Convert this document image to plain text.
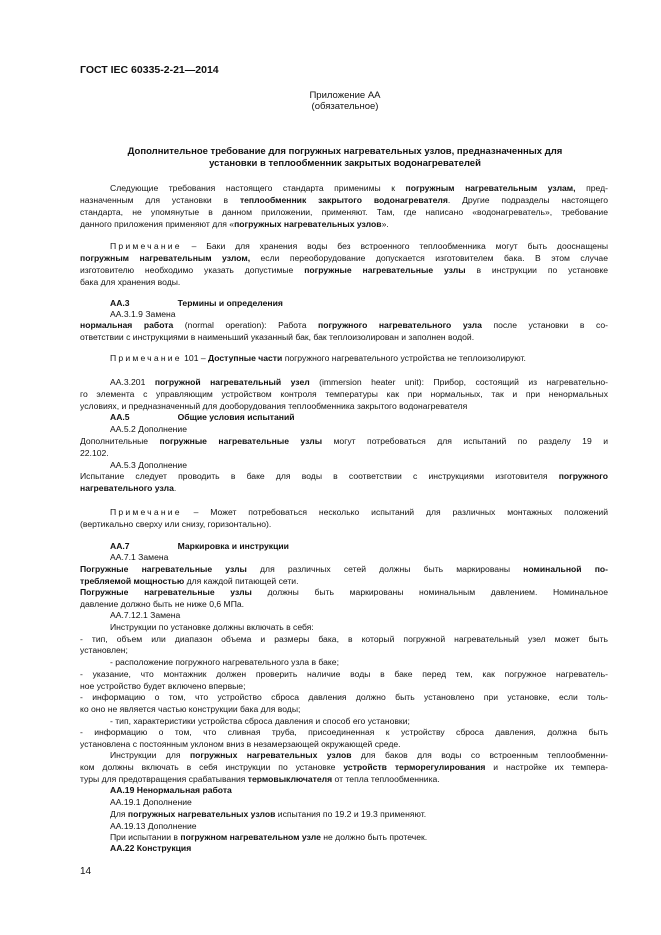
ГОСТ IEC 60335-2-21—2014
Приложение АА
(обязательное)
Дополнительное требование для погружных нагревательных узлов, предназначенных для
установки в теплообменник закрытых водонагревателей
Следующие требования настоящего стандарта применимы к погружным нагревательным узлам, пред-
назначенным для установки в теплообменник закрытого водонагревателя. Другие подразделы настоящего
стандарта, не упомянутые в данном приложении, применяют. Там, где написано «водонагреватель», требование
данного приложения применяют для «погружных нагревательных узлов».
Примечание – Баки для хранения воды без встроенного теплообменника могут быть дооснащены
погружным нагревательным узлом, если переоборудование допускается изготовителем бака. В этом случае
изготовителю необходимо указать допустимые погружные нагревательные узлы в инструкции по установке
бака для хранения воды.
АА.3	Термины и определения
АА.3.1.9 Замена
нормальная работа (normal operation): Работа погружного нагревательного узла после установки в со-
ответствии с инструкциями в наименьший указанный бак, бак теплоизолирован и заполнен водой.
Примечание 101 – Доступные части погружного нагревательного устройства не теплоизолируют.
АА.3.201 погружной нагревательный узел (immersion heater unit): Прибор, состоящий из нагревательно-
го элемента с управляющим устройством контроля температуры как при нормальных, так и при ненормальных
условиях, и предназначенный для дооборудования теплообменника закрытого водонагревателя
АА.5	Общие условия испытаний
АА.5.2 Дополнение
Дополнительные погружные нагревательные узлы могут потребоваться для испытаний по разделу 19 и
22.102.
АА.5.3 Дополнение
Испытание следует проводить в баке для воды в соответствии с инструкциями изготовителя погружного
нагревательного узла.
Примечание – Может потребоваться несколько испытаний для различных монтажных положений
(вертикально сверху или снизу, горизонтально).
АА.7	Маркировка и инструкции
АА.7.1 Замена
Погружные нагревательные узлы для различных сетей должны быть маркированы номинальной по-
требляемой мощностью для каждой питающей сети.
Погружные нагревательные узлы должны быть маркированы номинальным давлением. Номинальное
давление должно быть не ниже 0,6 МПа.
АА.7.12.1 Замена
Инструкции по установке должны включать в себя:
- тип, объем или диапазон объема и размеры бака, в который погружной нагревательный узел может быть
установлен;
- расположение погружного нагревательного узла в баке;
- указание, что монтажник должен проверить наличие воды в баке перед тем, как погружное нагреватель-
ное устройство будет включено впервые;
- информацию о том, что устройство сброса давления должно быть установлено при установке, если толь-
ко оно не является частью конструкции бака для воды;
- тип, характеристики устройства сброса давления и способ его установки;
- информацию о том, что сливная труба, присоединенная к устройству сброса давления, должна быть
установлена с постоянным уклоном вниз в незамерзающей окружающей среде.
Инструкции для погружных нагревательных узлов для баков для воды со встроенным теплообменни-
ком должны включать в себя инструкции по установке устройств терморегулирования и настройке их темпера-
туры для предотвращения срабатывания термовыключателя от тепла теплообменника.
АА.19 Ненормальная работа
АА.19.1 Дополнение
Для погружных нагревательных узлов испытания по 19.2 и 19.3 применяют.
АА.19.13 Дополнение
При испытании в погружном нагревательном узле не должно быть протечек.
АА.22 Конструкция
14
